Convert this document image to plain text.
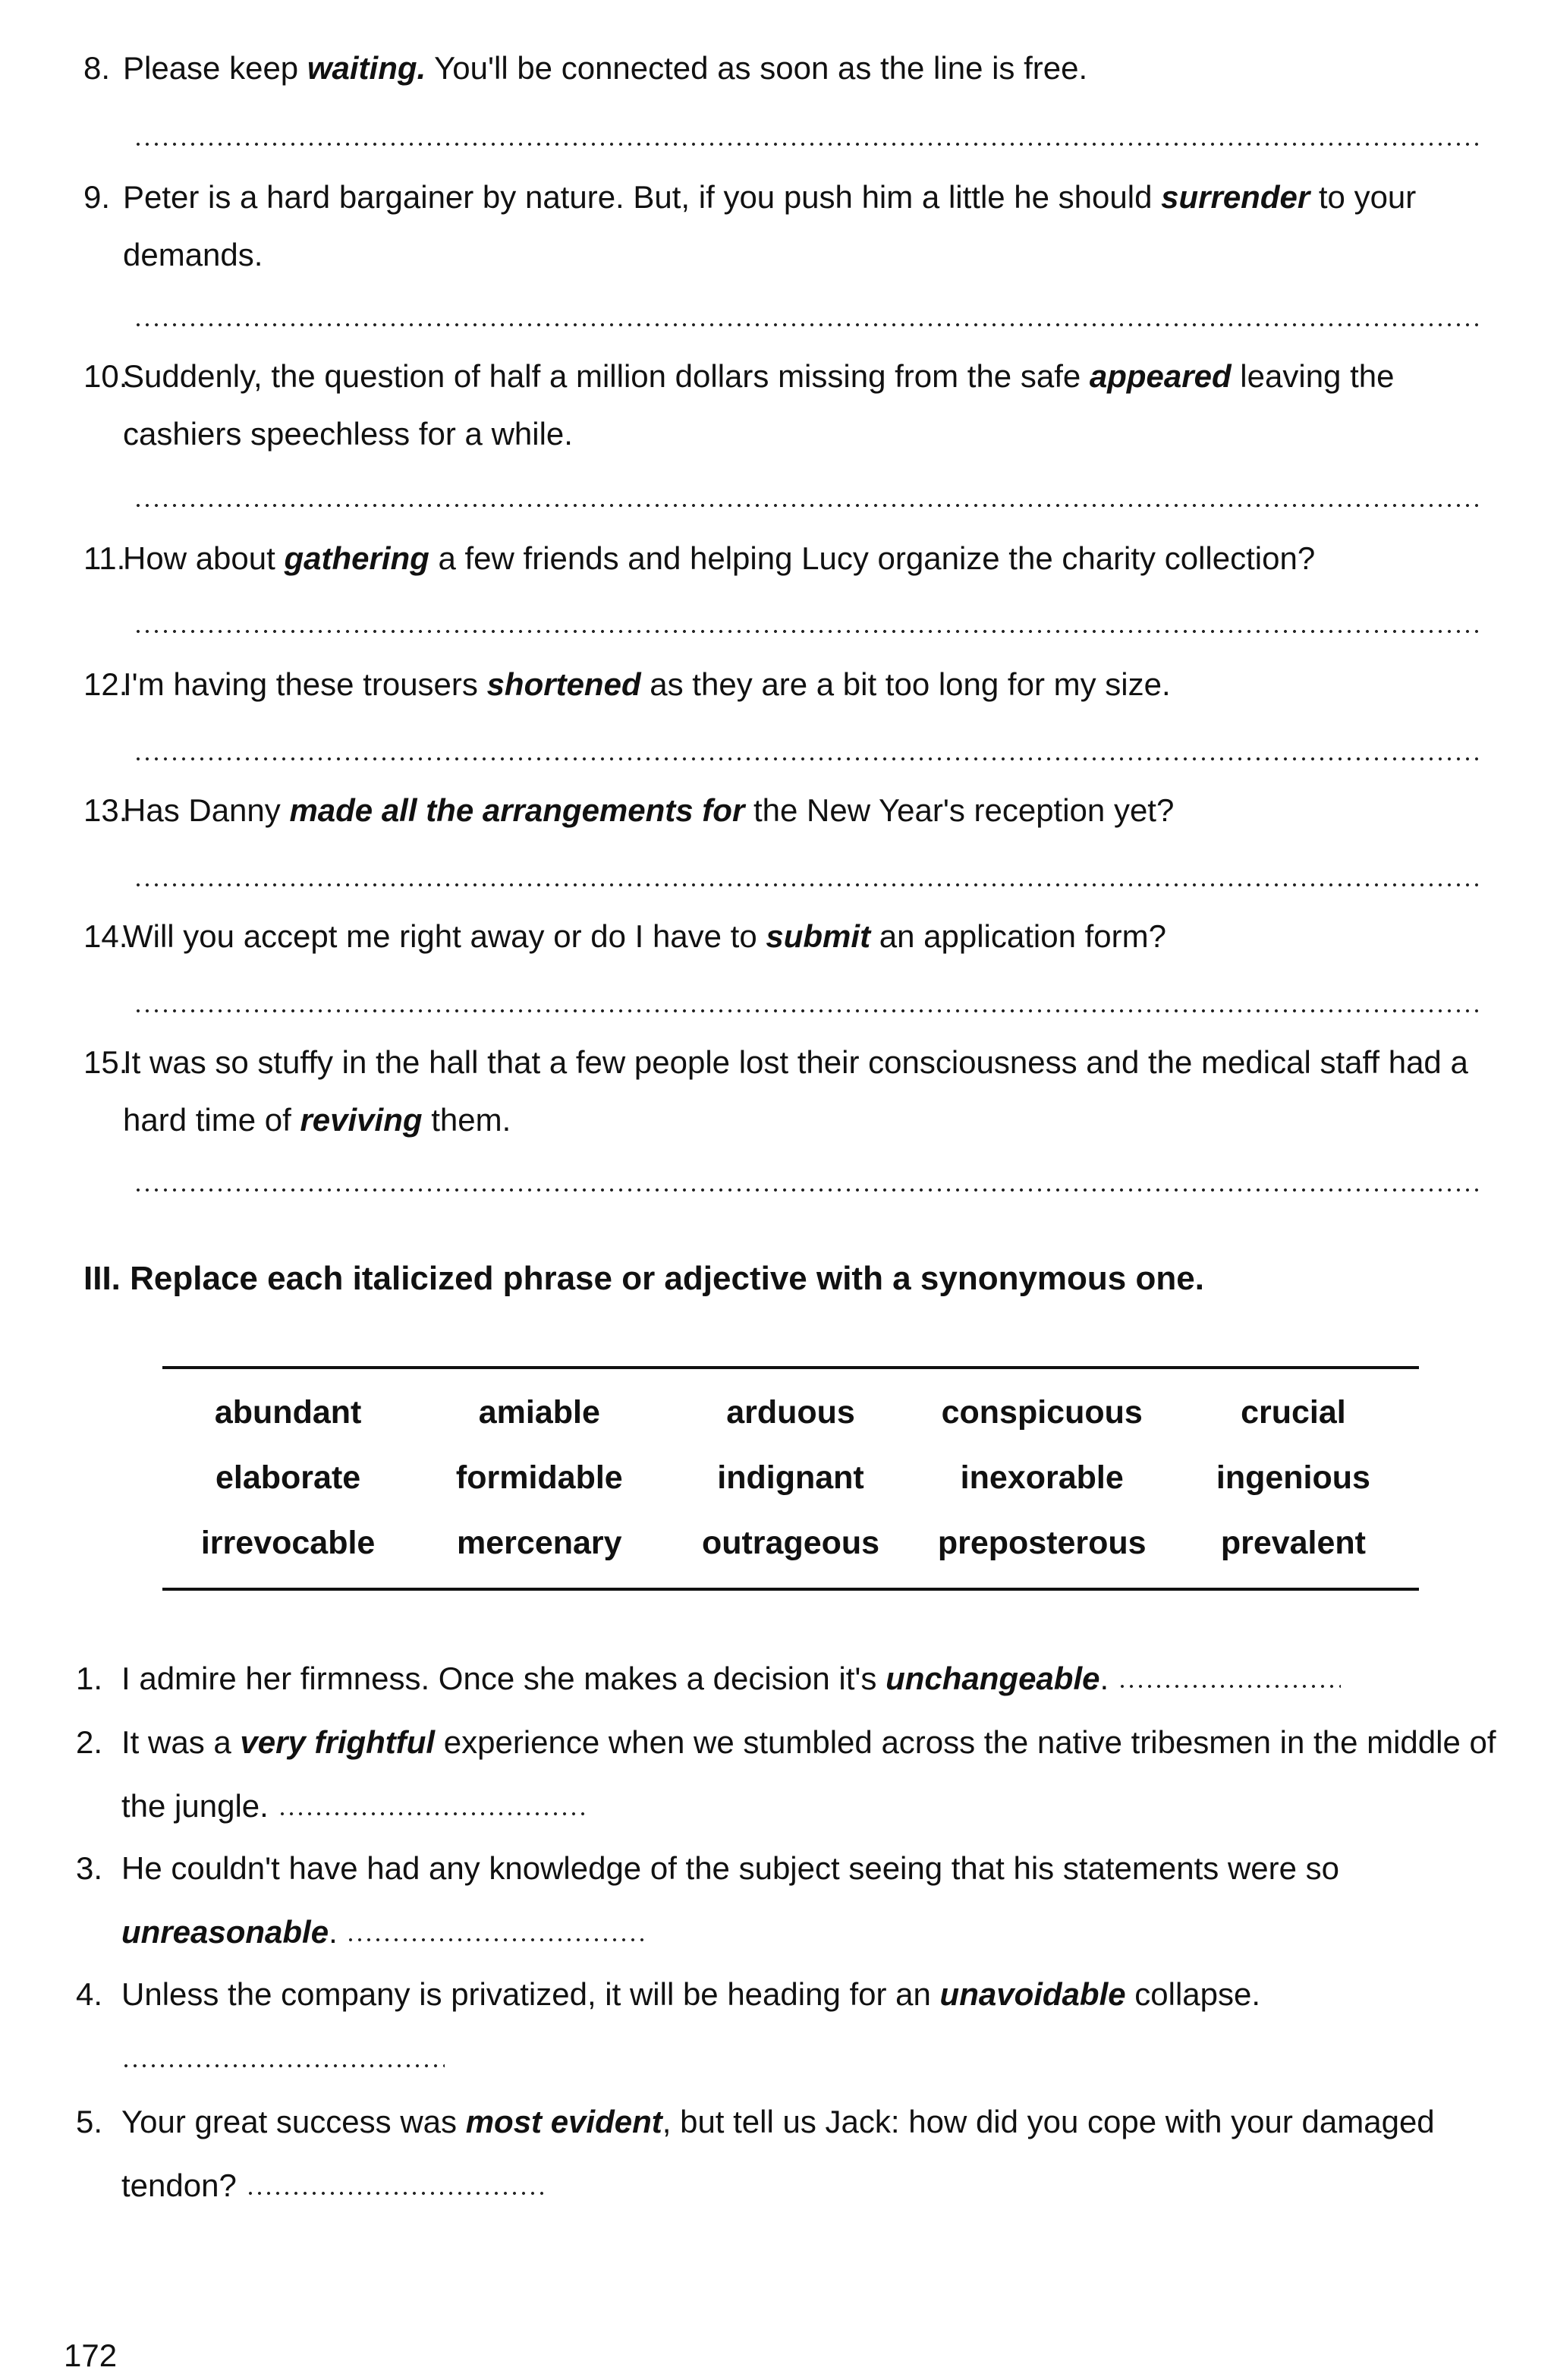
8. Please keep waiting. You'll be connected as soon as the line is free.
9. Peter is a hard bargainer by nature. But, if you push him a little he should surrender to your demands.
10.
Suddenly, the question of half a million dollars missing from the safe appeared leaving the cashiers speechless for a while.
11.
How about gathering a few friends and helping Lucy organize the charity collection?
12.
I'm having these trousers shortened as they are a bit too long for my size.
13.
Has Danny made all the arrangements for the New Year's reception yet?
14.
Will you accept me right away or do I have to submit an application form?
15.
It was so stuffy in the hall that a few people lost their consciousness and the medical staff had a hard time of reviving them.
III. Replace each italicized phrase or adjective with a synonymous one.
abundant	amiable	arduous	conspicuous	crucial
elaborate	formidable	indignant	inexorable	ingenious
irrevocable	mercenary	outrageous	preposterous	prevalent
1. I admire her firmness. Once she makes a decision it's unchangeable.
2. It was a very frightful experience when we stumbled across the native tribesmen in the middle of the jungle.
3. He couldn't have had any knowledge of the subject seeing that his statements were so unreasonable.
4. Unless the company is privatized, it will be heading for an unavoidable collapse.

5. Your great success was most evident, but tell us Jack: how did you cope with your damaged tendon?
172
